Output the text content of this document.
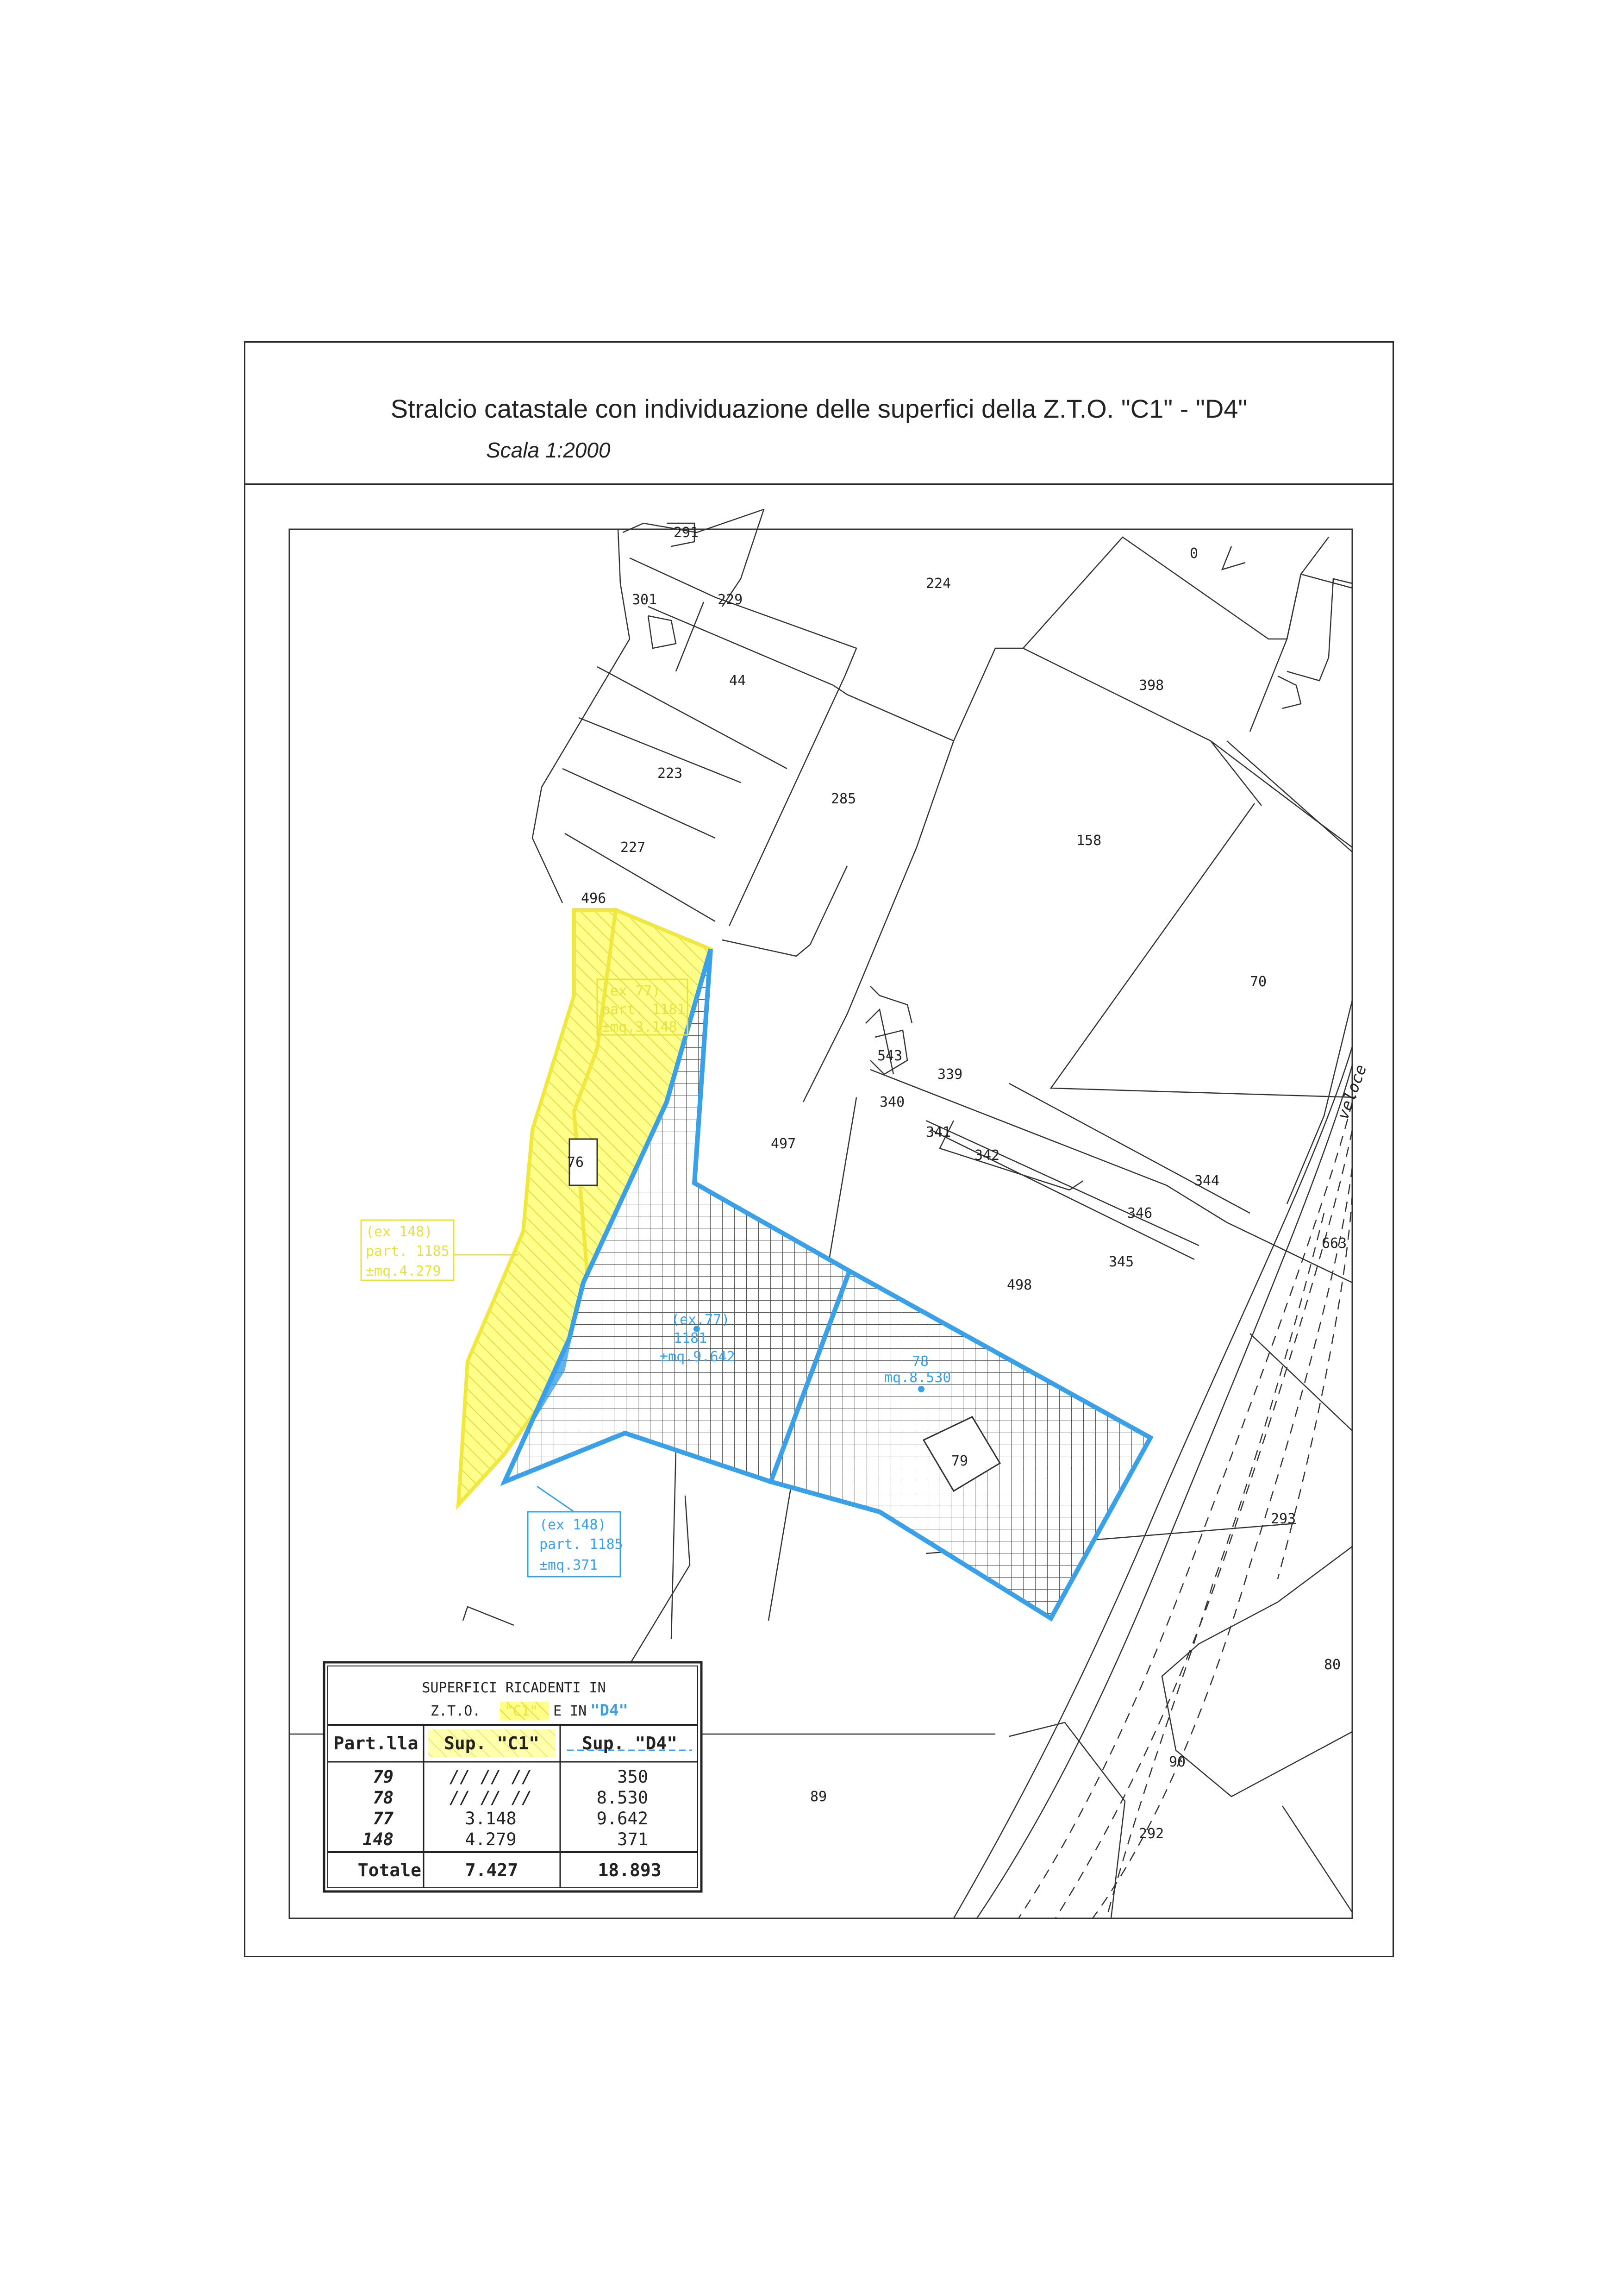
Stralcio catastale con individuazione delle superfici della Z.T.O. "C1" - "D4"
Scala 1:2000
291
301	229
224
0
44	398
223
285
158
227
496
70
543
339
340
341
342
497
344
346
663
345
498
76
79
293
80
90
89
292
veloce
(ex 77)
part. 1181
±mq.3.148
(ex 148)
part. 1185
±mq.4.279
(ex.77)
1181
±mq.9.642	78
mq.8.530
(ex 148)
part. 1185
±mq.371
SUPERFICI RICADENTI IN
Z.T.O. "C1" E IN "D4"
Part.lla Sup. "C1" Sup. "D4"
79	// // //	350
78	// // //	8.530
77	3.148	9.642
148	4.279	371
Totale 7.427	18.893
